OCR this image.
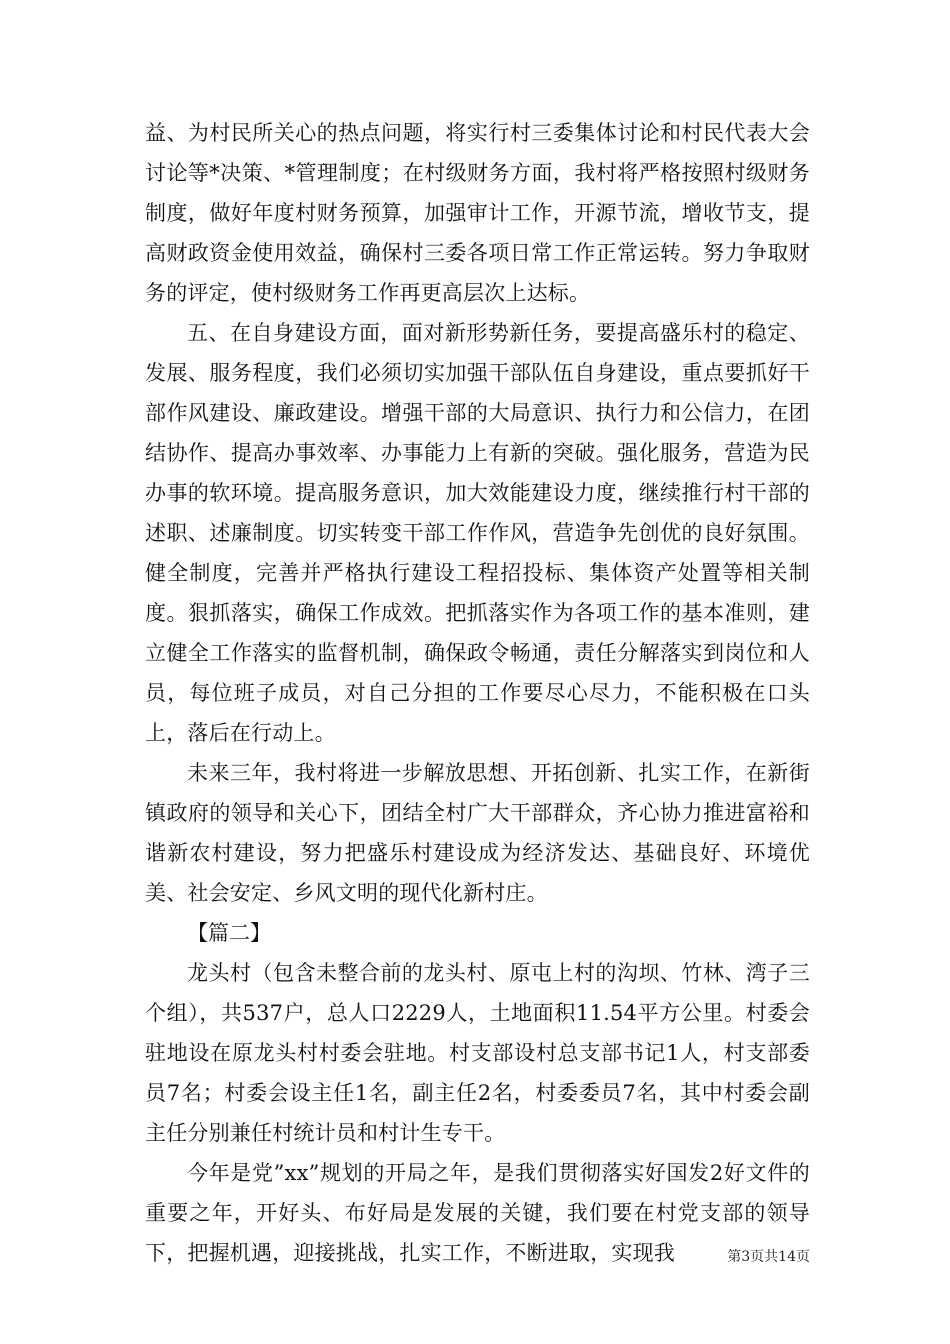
益、为村民所关心的热点问题，将实行村三委集体讨论和村民代表大会讨论等*决策、*管理制度；在村级财务方面，我村将严格按照村级财务制度，做好年度村财务预算，加强审计工作，开源节流，增收节支，提高财政资金使用效益，确保村三委各项日常工作正常运转。努力争取财务的评定，使村级财务工作再更高层次上达标。

五、在自身建设方面，面对新形势新任务，要提高盛乐村的稳定、发展、服务程度，我们必须切实加强干部队伍自身建设，重点要抓好干部作风建设、廉政建设。增强干部的大局意识、执行力和公信力，在团结协作、提高办事效率、办事能力上有新的突破。强化服务，营造为民办事的软环境。提高服务意识，加大效能建设力度，继续推行村干部的述职、述廉制度。切实转变干部工作作风，营造争先创优的良好氛围。健全制度，完善并严格执行建设工程招投标、集体资产处置等相关制度。狠抓落实，确保工作成效。把抓落实作为各项工作的基本准则，建立健全工作落实的监督机制，确保政令畅通，责任分解落实到岗位和人员，每位班子成员，对自己分担的工作要尽心尽力，不能积极在口头上，落后在行动上。

未来三年，我村将进一步解放思想、开拓创新、扎实工作，在新街镇政府的领导和关心下，团结全村广大干部群众，齐心协力推进富裕和谐新农村建设，努力把盛乐村建设成为经济发达、基础良好、环境优美、社会安定、乡风文明的现代化新村庄。

【篇二】

龙头村（包含未整合前的龙头村、原屯上村的沟坝、竹林、湾子三个组），共537户，总人口2229人，土地面积11.54平方公里。村委会驻地设在原龙头村村委会驻地。村支部设村总支部书记1人，村支部委员7名；村委会设主任1名，副主任2名，村委委员7名，其中村委会副主任分别兼任村统计员和村计生专干。

今年是党”xx”规划的开局之年，是我们贯彻落实好国发2好文件的重要之年，开好头、布好局是发展的关键，我们要在村党支部的领导下，把握机遇，迎接挑战，扎实工作，不断进取，实现我	第3页共14页
